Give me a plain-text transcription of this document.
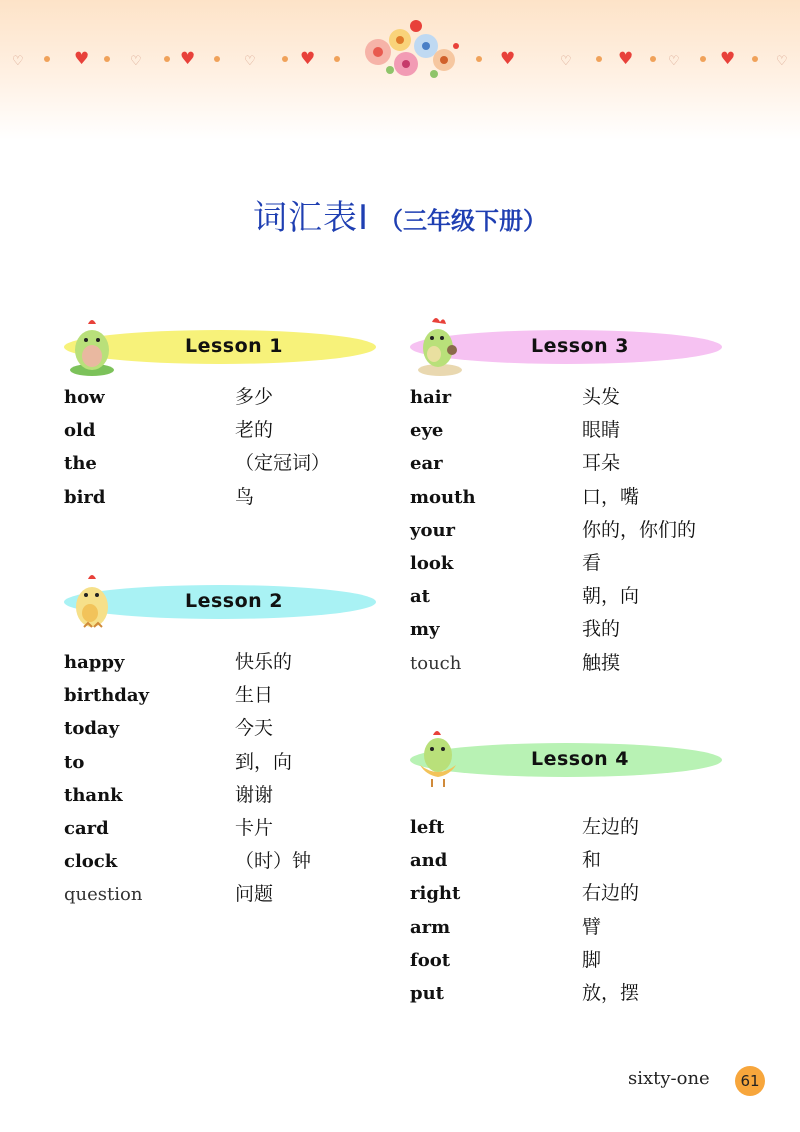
♡	♥	♡ ♥	♡	♥	♥	♡	♥	♡ ♥	♡
词汇表Ⅰ （三年级下册）
Lesson 1
how	多少
old	老的
the	（定冠词）
bird	鸟
Lesson 2
happy	快乐的
birthday	生日
today	今天
to	到，向
thank	谢谢
card	卡片
clock	（时）钟
question	问题
Lesson 3
hair	头发
eye	眼睛
ear	耳朵
mouth	口，嘴
your	你的，你们的
look	看
at	朝，向
my	我的
touch	触摸
Lesson 4
left	左边的
and	和
right	右边的
arm	臂
foot	脚
put	放，摆
sixty-one	61
